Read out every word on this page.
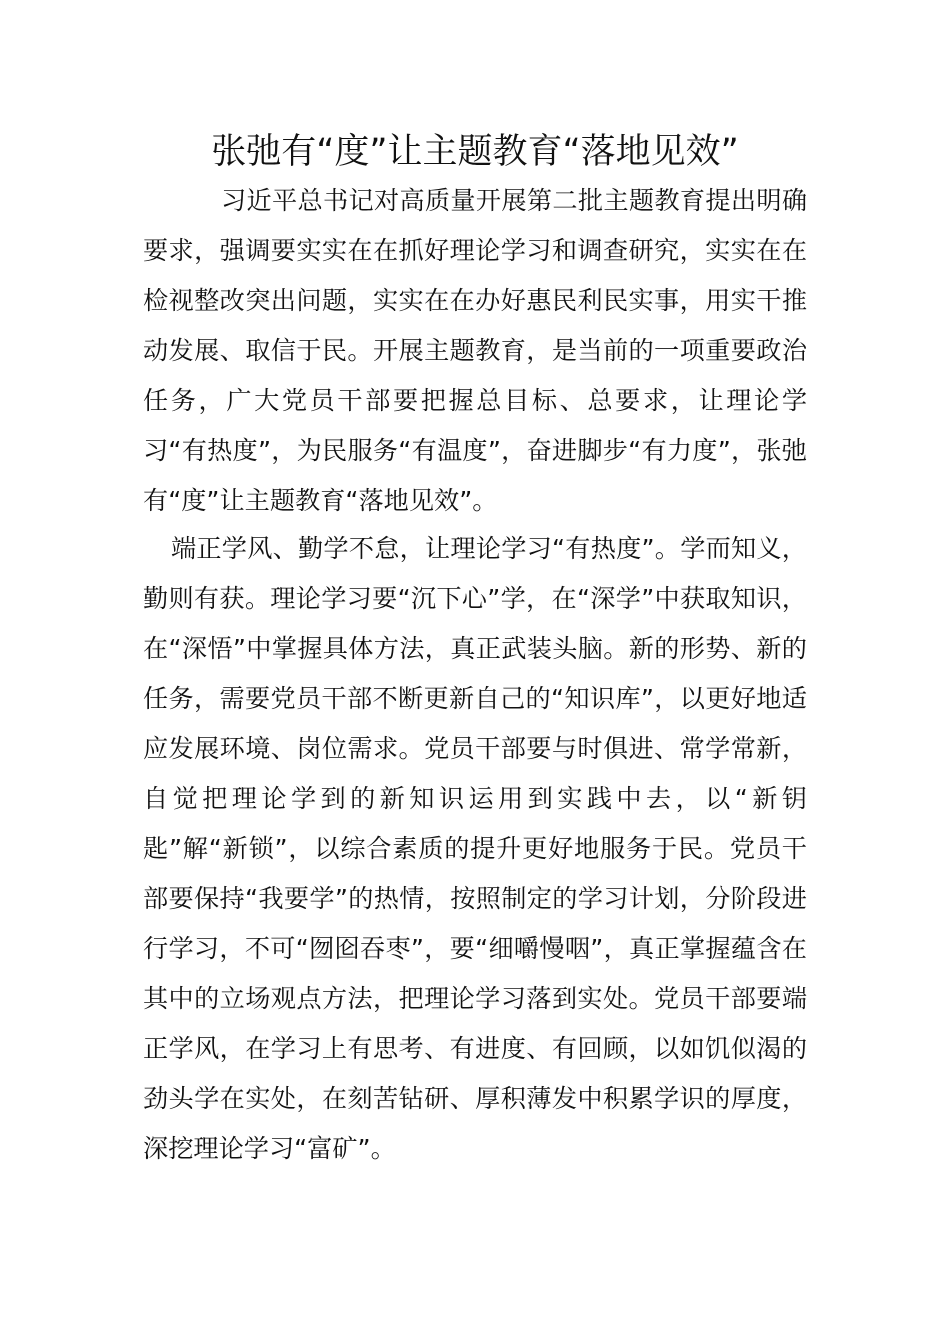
张弛有“度”让主题教育“落地见效”

习近平总书记对高质量开展第二批主题教育提出明确要求，强调要实实在在抓好理论学习和调查研究，实实在在检视整改突出问题，实实在在办好惠民利民实事，用实干推动发展、取信于民。开展主题教育，是当前的一项重要政治任务，广大党员干部要把握总目标、总要求，让理论学习“有热度”，为民服务“有温度”，奋进脚步“有力度”，张弛有“度”让主题教育“落地见效”。

端正学风、勤学不怠，让理论学习“有热度”。学而知义，勤则有获。理论学习要“沉下心”学，在“深学”中获取知识，在“深悟”中掌握具体方法，真正武装头脑。新的形势、新的任务，需要党员干部不断更新自己的“知识库”，以更好地适应发展环境、岗位需求。党员干部要与时俱进、常学常新，自觉把理论学到的新知识运用到实践中去，以“新钥匙”解“新锁”，以综合素质的提升更好地服务于民。党员干部要保持“我要学”的热情，按照制定的学习计划，分阶段进行学习，不可“囫囵吞枣”，要“细嚼慢咽”，真正掌握蕴含在其中的立场观点方法，把理论学习落到实处。党员干部要端正学风，在学习上有思考、有进度、有回顾，以如饥似渴的劲头学在实处，在刻苦钻研、厚积薄发中积累学识的厚度，深挖理论学习“富矿”。
